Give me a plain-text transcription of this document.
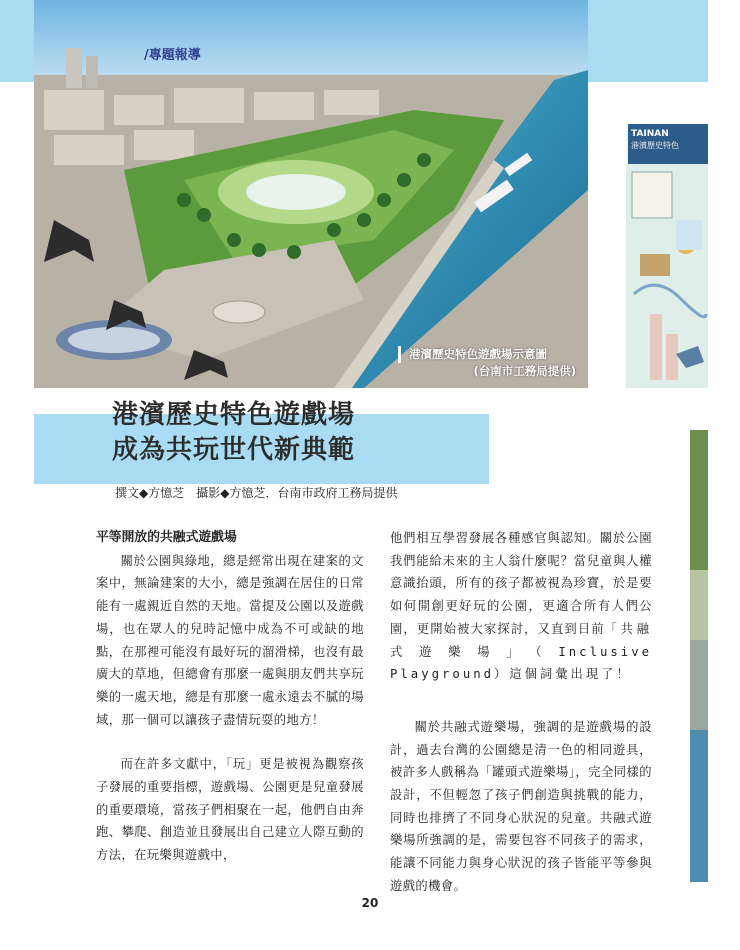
/專題報導
港濱歷史特色遊戲場示意圖
(台南市工務局提供)
TAINAN
港濱歷史特色
港濱歷史特色遊戲場
成為共玩世代新典範
撰文◆方憶芝　攝影◆方憶芝．台南市政府工務局提供

平等開放的共融式遊戲場

關於公園與綠地，總是經常出現在建案的文案中，無論建案的大小，總是強調在居住的日常能有一處親近自然的天地。當提及公園以及遊戲場，也在眾人的兒時記憶中成為不可或缺的地點，在那裡可能沒有最好玩的溜滑梯，也沒有最廣大的草地，但總會有那麼一處與朋友們共享玩樂的一處天地，總是有那麼一處永遠去不膩的場域，那一個可以讓孩子盡情玩耍的地方！

而在許多文獻中，「玩」更是被視為觀察孩子發展的重要指標，遊戲場、公園更是兒童發展的重要環境，當孩子們相聚在一起，他們自由奔跑、攀爬、創造並且發展出自己建立人際互動的方法，在玩樂與遊戲中，

他們相互學習發展各種感官與認知。關於公園我們能給未來的主人翁什麼呢？當兒童與人權意識抬頭，所有的孩子都被視為珍寶，於是要如何開創更好玩的公園，更適合所有人們公園，更開始被大家探討，又直到日前「共融式遊樂場」（Inclusive Playground）這個詞彙出現了！

關於共融式遊樂場，強調的是遊戲場的設計，過去台灣的公園總是清一色的相同遊具，被許多人戲稱為「罐頭式遊樂場」，完全同樣的設計，不但輕忽了孩子們創造與挑戰的能力，同時也排擠了不同身心狀況的兒童。共融式遊樂場所強調的是，需要包容不同孩子的需求，能讓不同能力與身心狀況的孩子皆能平等參與遊戲的機會。

20
